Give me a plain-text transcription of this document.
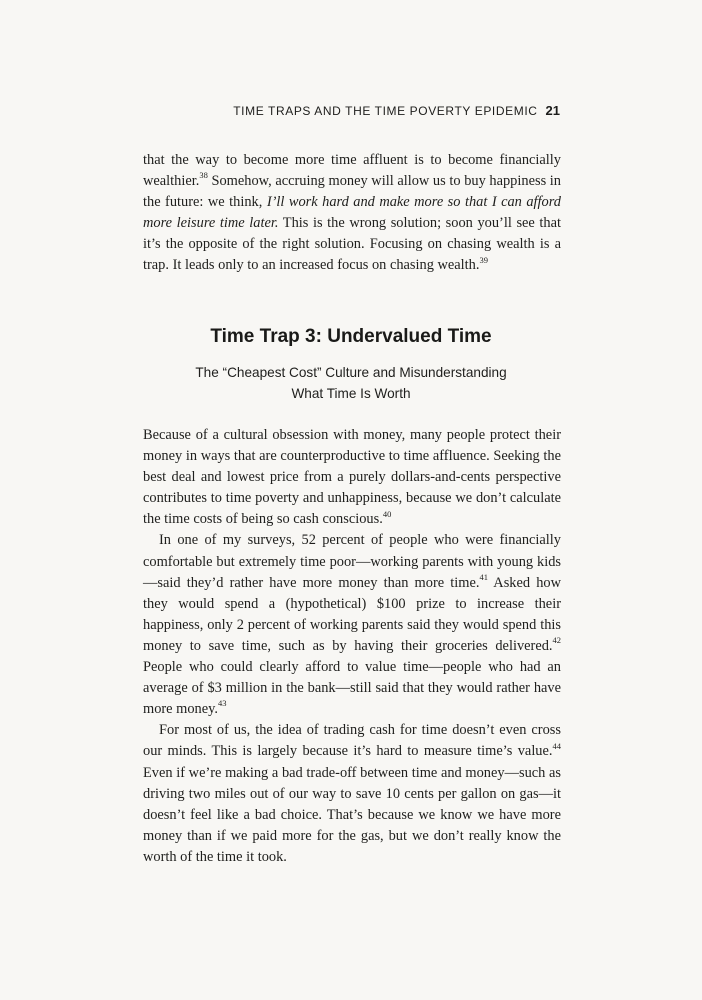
TIME TRAPS AND THE TIME POVERTY EPIDEMIC 21

that the way to become more time affluent is to become financially wealthier.$^{38}$ Somehow, accruing money will allow us to buy happiness in the future: we think, I’ll work hard and make more so that I can afford more leisure time later. This is the wrong solution; soon you’ll see that it’s the opposite of the right solution. Focusing on chasing wealth is a trap. It leads only to an increased focus on chasing wealth.$^{39}$

Time Trap 3: Undervalued Time
The “Cheapest Cost” Culture and Misunderstanding
What Time Is Worth

Because of a cultural obsession with money, many people protect their money in ways that are counterproductive to time affluence. Seeking the best deal and lowest price from a purely dollars-and-cents perspective contributes to time poverty and unhappiness, because we don’t calculate the time costs of being so cash conscious.$^{40}$

In one of my surveys, 52 percent of people who were financially comfortable but extremely time poor—working parents with young kids—said they’d rather have more money than more time.$^{41}$ Asked how they would spend a (hypothetical) $100 prize to increase their happiness, only 2 percent of working parents said they would spend this money to save time, such as by having their groceries delivered.$^{42}$ People who could clearly afford to value time—people who had an average of $3 million in the bank—still said that they would rather have more money.$^{43}$

For most of us, the idea of trading cash for time doesn’t even cross our minds. This is largely because it’s hard to measure time’s value.$^{44}$ Even if we’re making a bad trade-off between time and money—such as driving two miles out of our way to save 10 cents per gallon on gas—it doesn’t feel like a bad choice. That’s because we know we have more money than if we paid more for the gas, but we don’t really know the worth of the time it took.
